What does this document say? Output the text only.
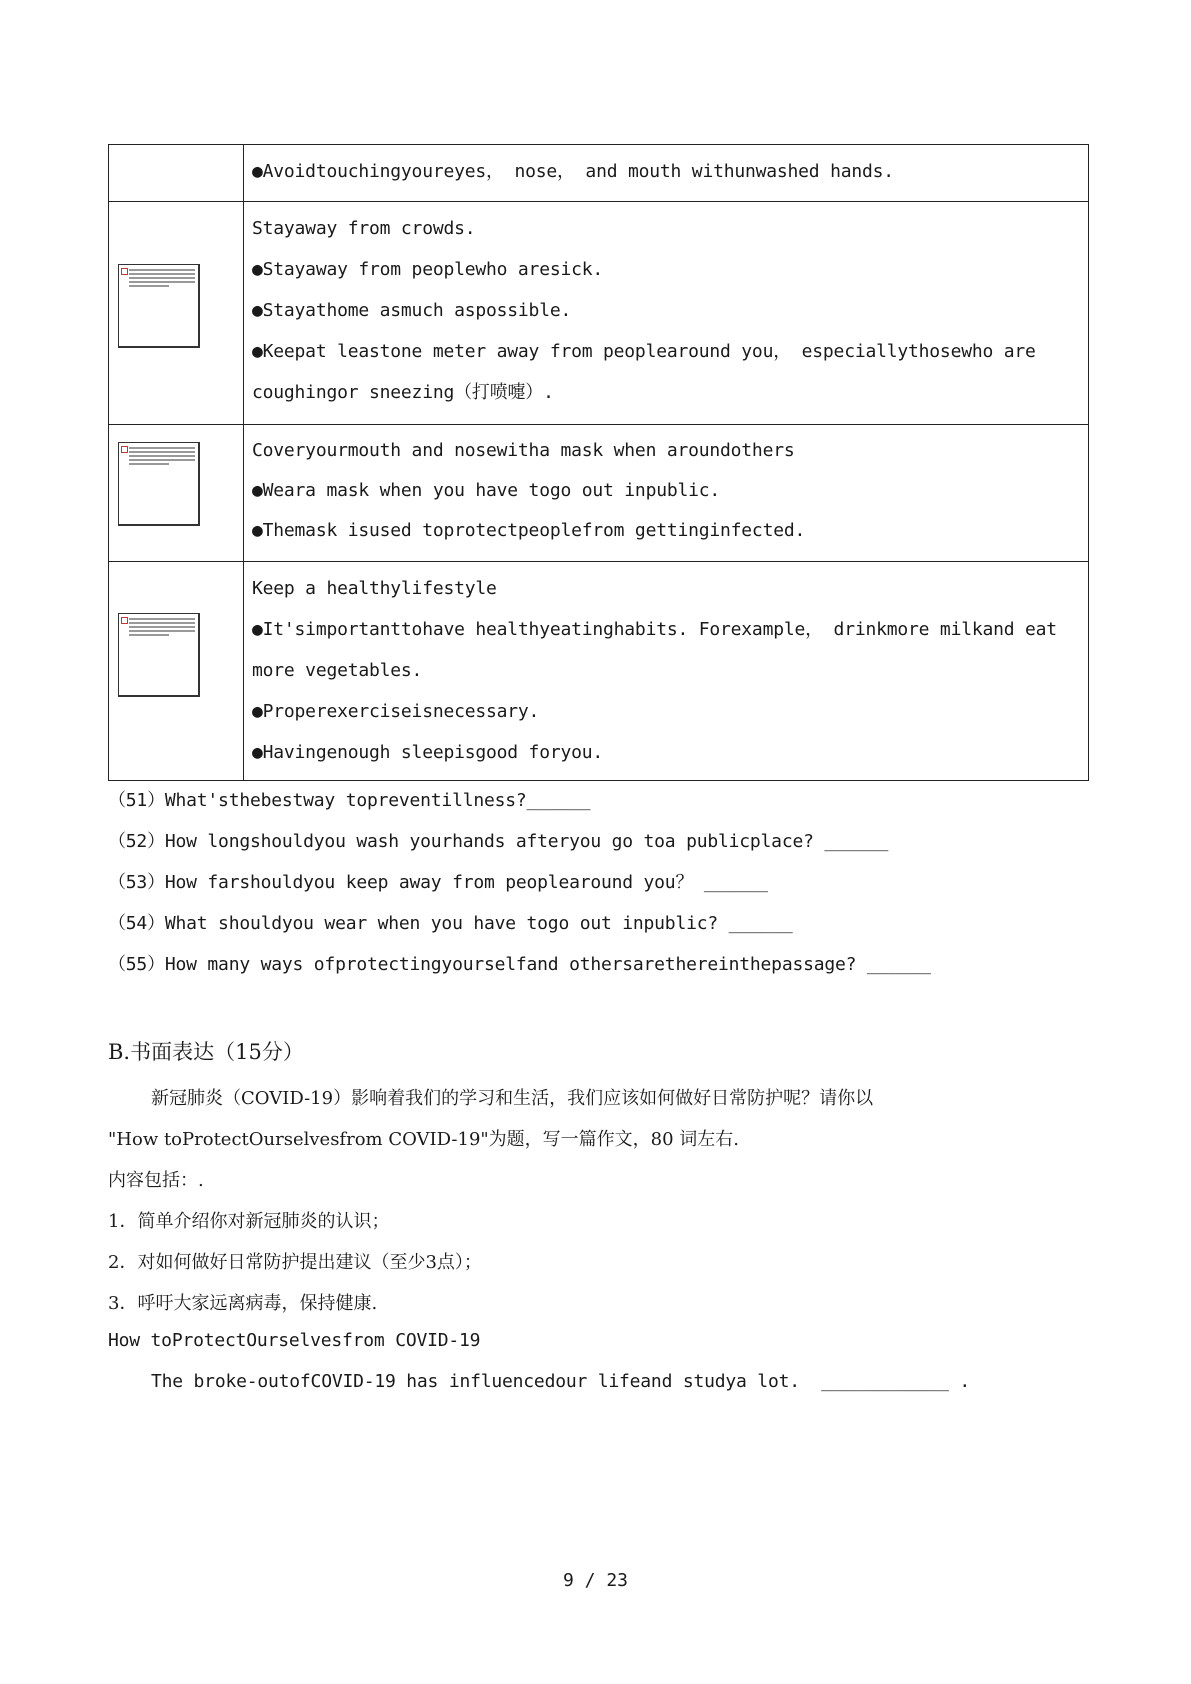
	●Avoidtouchingyoureyes， nose， and mouth withunwashed hands.

	Stayaway from crowds.
●Stayaway from peoplewho aresick.
●Stayathome asmuch aspossible.
●Keepat leastone meter away from peoplearound you， especiallythosewho are
coughingor sneezing（打喷嚏）.

	Coveryourmouth and nosewitha mask when aroundothers
●Weara mask when you have togo out inpublic.
●Themask isused toprotectpeoplefrom gettinginfected.

	Keep a healthylifestyle
●It'simportanttohave healthyeatinghabits. Forexample， drinkmore milkand eat
more vegetables.
●Properexerciseisnecessary.
●Havingenough sleepisgood foryou.
（51）What'sthebestway topreventillness?______
（52）How longshouldyou wash yourhands afteryou go toa publicplace? ______
（53）How farshouldyou keep away from peoplearound you？ ______
（54）What shouldyou wear when you have togo out inpublic? ______
（55）How many ways ofprotectingyourselfand othersarethereinthepassage? ______
B.书面表达（15分）
新冠肺炎（COVID-19）影响着我们的学习和生活，我们应该如何做好日常防护呢？请你以
"How toProtectOurselvesfrom COVID-19"为题，写一篇作文，80 词左右.
内容包括：.
1．简单介绍你对新冠肺炎的认识；
2．对如何做好日常防护提出建议（至少3点）；
3．呼吁大家远离病毒，保持健康.
How toProtectOurselvesfrom COVID-19
The broke-outofCOVID-19 has influencedour lifeand studya lot. ____________ .
9 / 23
